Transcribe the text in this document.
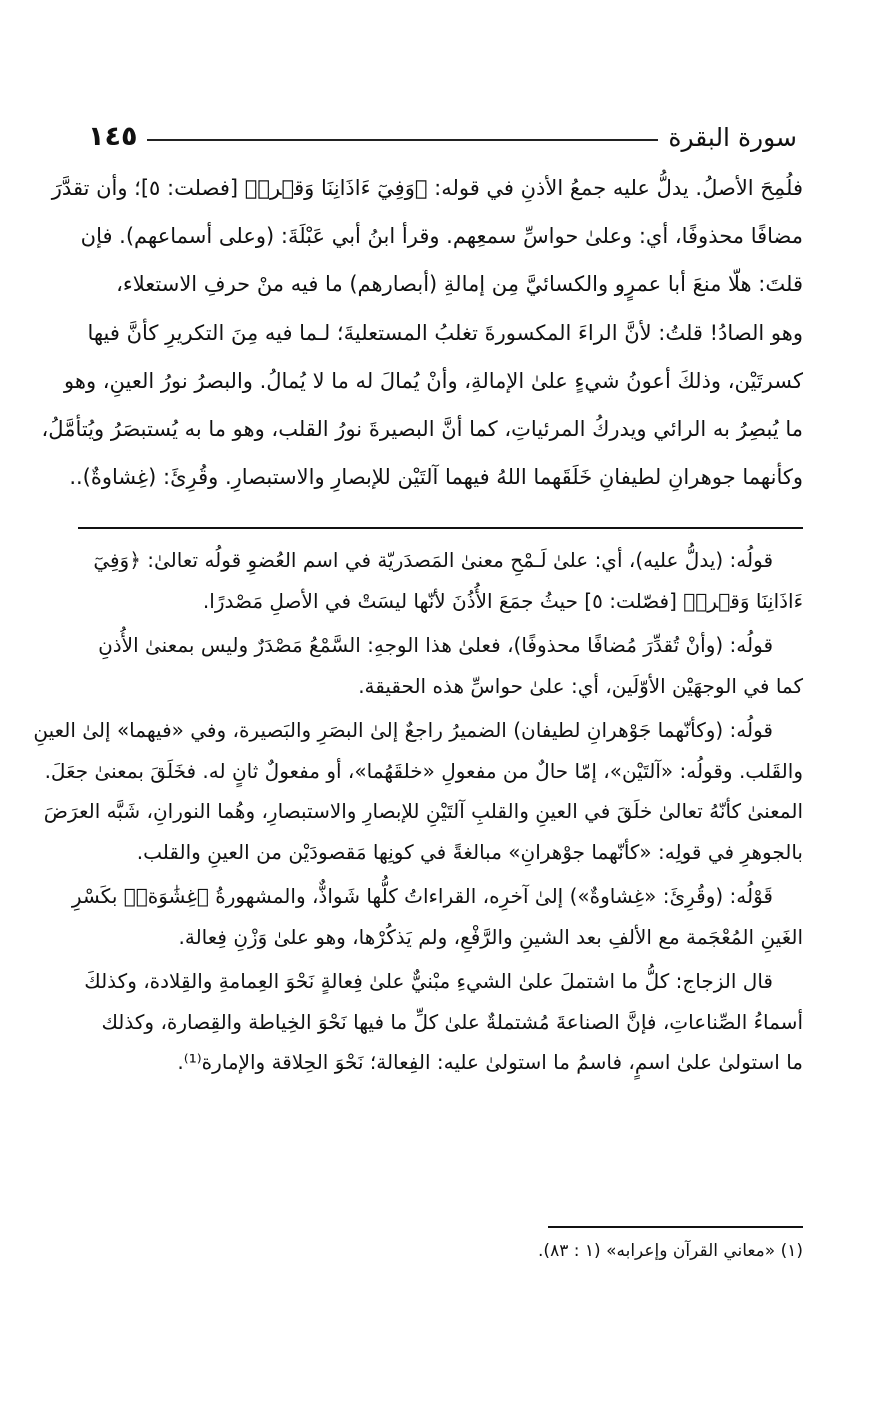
سورة البقرة
١٤٥
فلُمِحَ الأصلُ. يدلُّ عليه جمعُ الأذنِ في قوله: ﴿وَفِيٓ ءَاذَانِنَا وَقۡرٞ﴾ [فصلت: ٥]؛ وأن تقدَّرَ
مضافًا محذوفًا، أي: وعلىٰ حواسِّ سمعِهم. وقرأ ابنُ أبي عَبْلَةَ: (وعلى أسماعهم). فإن
قلتَ: هلّا منعَ أبا عمرٍو والكسائيَّ مِن إمالةِ (أبصارهم) ما فيه منْ حرفِ الاستعلاء،
وهو الصادُ! قلتُ: لأنَّ الراءَ المكسورةَ تغلبُ المستعليةَ؛ لـما فيه مِنَ التكريرِ كأنَّ فيها
كسرتَيْن، وذلكَ أعونُ شيءٍ علىٰ الإمالةِ، وأنْ يُمالَ له ما لا يُمالُ. والبصرُ نورُ العينِ، وهو
ما يُبصِرُ به الرائي ويدركُ المرئياتِ، كما أنَّ البصيرةَ نورُ القلب، وهو ما به يُستبصَرُ ويُتأمَّلُ،
وكأنهما جوهرانِ لطيفانِ خَلَقَهما اللهُ فيهما آلتَيْن للإبصارِ والاستبصارِ. وقُرِئَ: (غِشاوةٌ)..
قولُه: (يدلُّ عليه)، أي: علىٰ لَـمْحِ معنىٰ المَصدَريّة في اسم العُضوِ قولُه تعالىٰ: ﴿وَفِيٓ
ءَاذَانِنَا وَقۡرٞ﴾ [فصّلت: ٥] حيثُ جمَعَ الأُذُنَ لأنّها ليسَتْ في الأصلِ مَصْدرًا.
قولُه: (وأنْ تُقدِّرَ مُضافًا محذوفًا)، فعلىٰ هذا الوجهِ: السَّمْعُ مَصْدَرٌ وليس بمعنىٰ الأُذنِ
كما في الوجهَيْن الأوّلَين، أي: علىٰ حواسِّ هذه الحقيقة.
قولُه: (وكأنّهما جَوْهرانِ لطيفان) الضميرُ راجعٌ إلىٰ البصَرِ والبَصيرة، وفي «فيهما» إلىٰ العينِ
والقَلب. وقولُه: «آلتَيْن»، إمّا حالٌ من مفعولِ «خلقَهُما»، أو مفعولٌ ثانٍ له. فخَلَقَ بمعنىٰ جعَلَ.
المعنىٰ كأنّهُ تعالىٰ خلَقَ في العينِ والقلبِ آلتَيْنِ للإبصارِ والاستبصارِ، وهُما النورانِ، شَبَّه العرَضَ
بالجوهرِ في قولِه: «كأنّهما جوْهرانِ» مبالغةً في كونِها مَقصودَيْن من العينِ والقلب.
قَوْلُه: (وقُرِئَ: «غِشاوةٌ») إلىٰ آخرِه، القراءاتُ كلُّها شَواذٌّ، والمشهورةُ ﴿غِشَٰوَةٞ﴾ بكَسْرِ
الغَينِ المُعْجَمة مع الألفِ بعد الشينِ والرَّفْعِ، ولم يَذكُرْها، وهو علىٰ وَزْنِ فِعالة.
قال الزجاج: كلُّ ما اشتملَ علىٰ الشيءِ مبْنيٌّ علىٰ فِعالةٍ نَحْوَ العِمامةِ والقِلادة، وكذلكَ
أسماءُ الصِّناعاتِ، فإنَّ الصناعةَ مُشتملةٌ علىٰ كلِّ ما فيها نَحْوَ الخِياطة والقِصارة، وكذلك
ما استولىٰ علىٰ اسمٍ، فاسمُ ما استولىٰ عليه: الفِعالة؛ نَحْوَ الحِلاقة والإمارة⁽¹⁾.
(١) «معاني القرآن وإعرابه» (١ : ٨٣).
